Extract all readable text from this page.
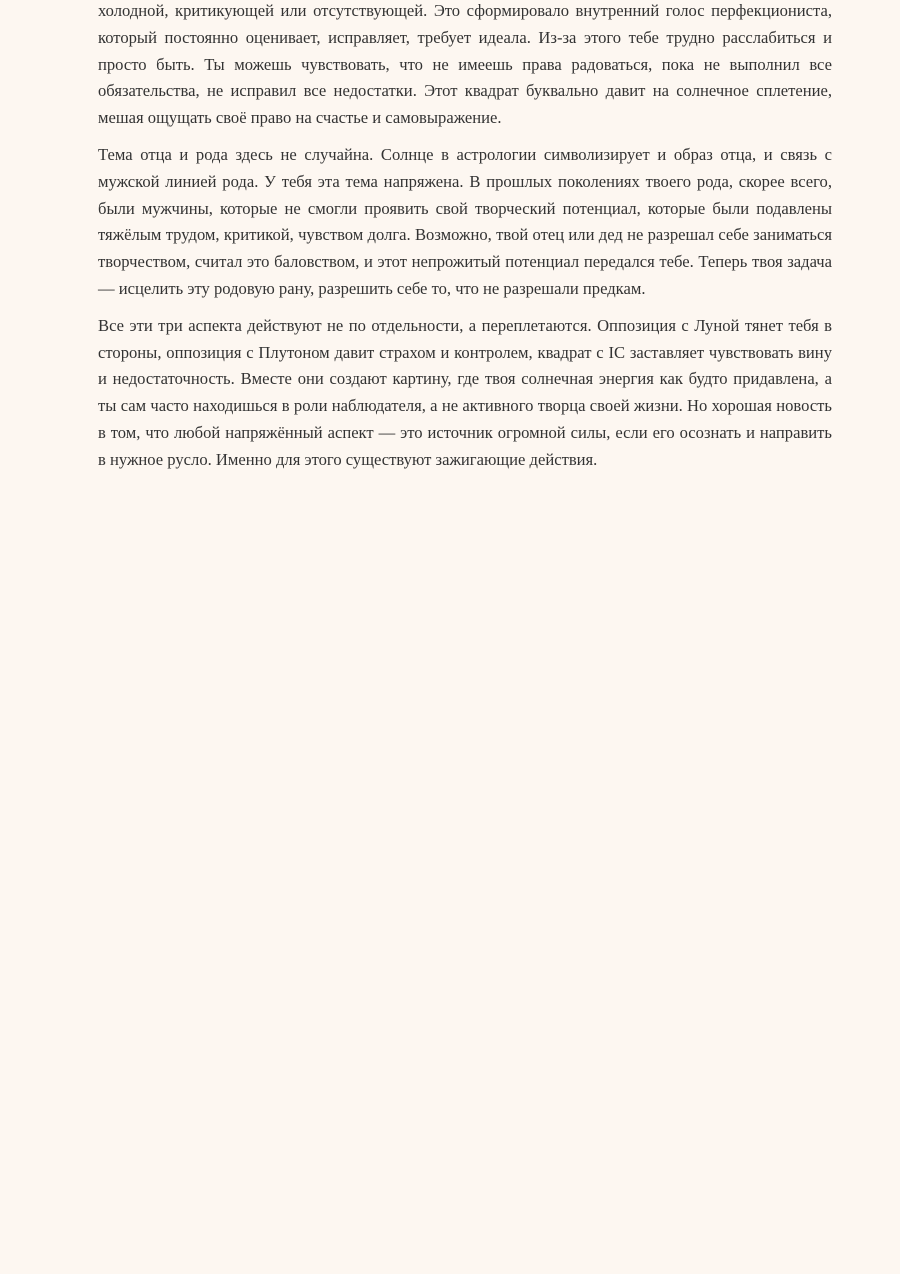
холодной, критикующей или отсутствующей. Это сформировало внутренний голос перфекциониста, который постоянно оценивает, исправляет, требует идеала. Из-за этого тебе трудно расслабиться и просто быть. Ты можешь чувствовать, что не имеешь права радоваться, пока не выполнил все обязательства, не исправил все недостатки. Этот квадрат буквально давит на солнечное сплетение, мешая ощущать своё право на счастье и самовыражение.

Тема отца и рода здесь не случайна. Солнце в астрологии символизирует и образ отца, и связь с мужской линией рода. У тебя эта тема напряжена. В прошлых поколениях твоего рода, скорее всего, были мужчины, которые не смогли проявить свой творческий потенциал, которые были подавлены тяжёлым трудом, критикой, чувством долга. Возможно, твой отец или дед не разрешал себе заниматься творчеством, считал это баловством, и этот непрожитый потенциал передался тебе. Теперь твоя задача — исцелить эту родовую рану, разрешить себе то, что не разрешали предкам.

Все эти три аспекта действуют не по отдельности, а переплетаются. Оппозиция с Луной тянет тебя в стороны, оппозиция с Плутоном давит страхом и контролем, квадрат с IC заставляет чувствовать вину и недостаточность. Вместе они создают картину, где твоя солнечная энергия как будто придавлена, а ты сам часто находишься в роли наблюдателя, а не активного творца своей жизни. Но хорошая новость в том, что любой напряжённый аспект — это источник огромной силы, если его осознать и направить в нужное русло. Именно для этого существуют зажигающие действия.
